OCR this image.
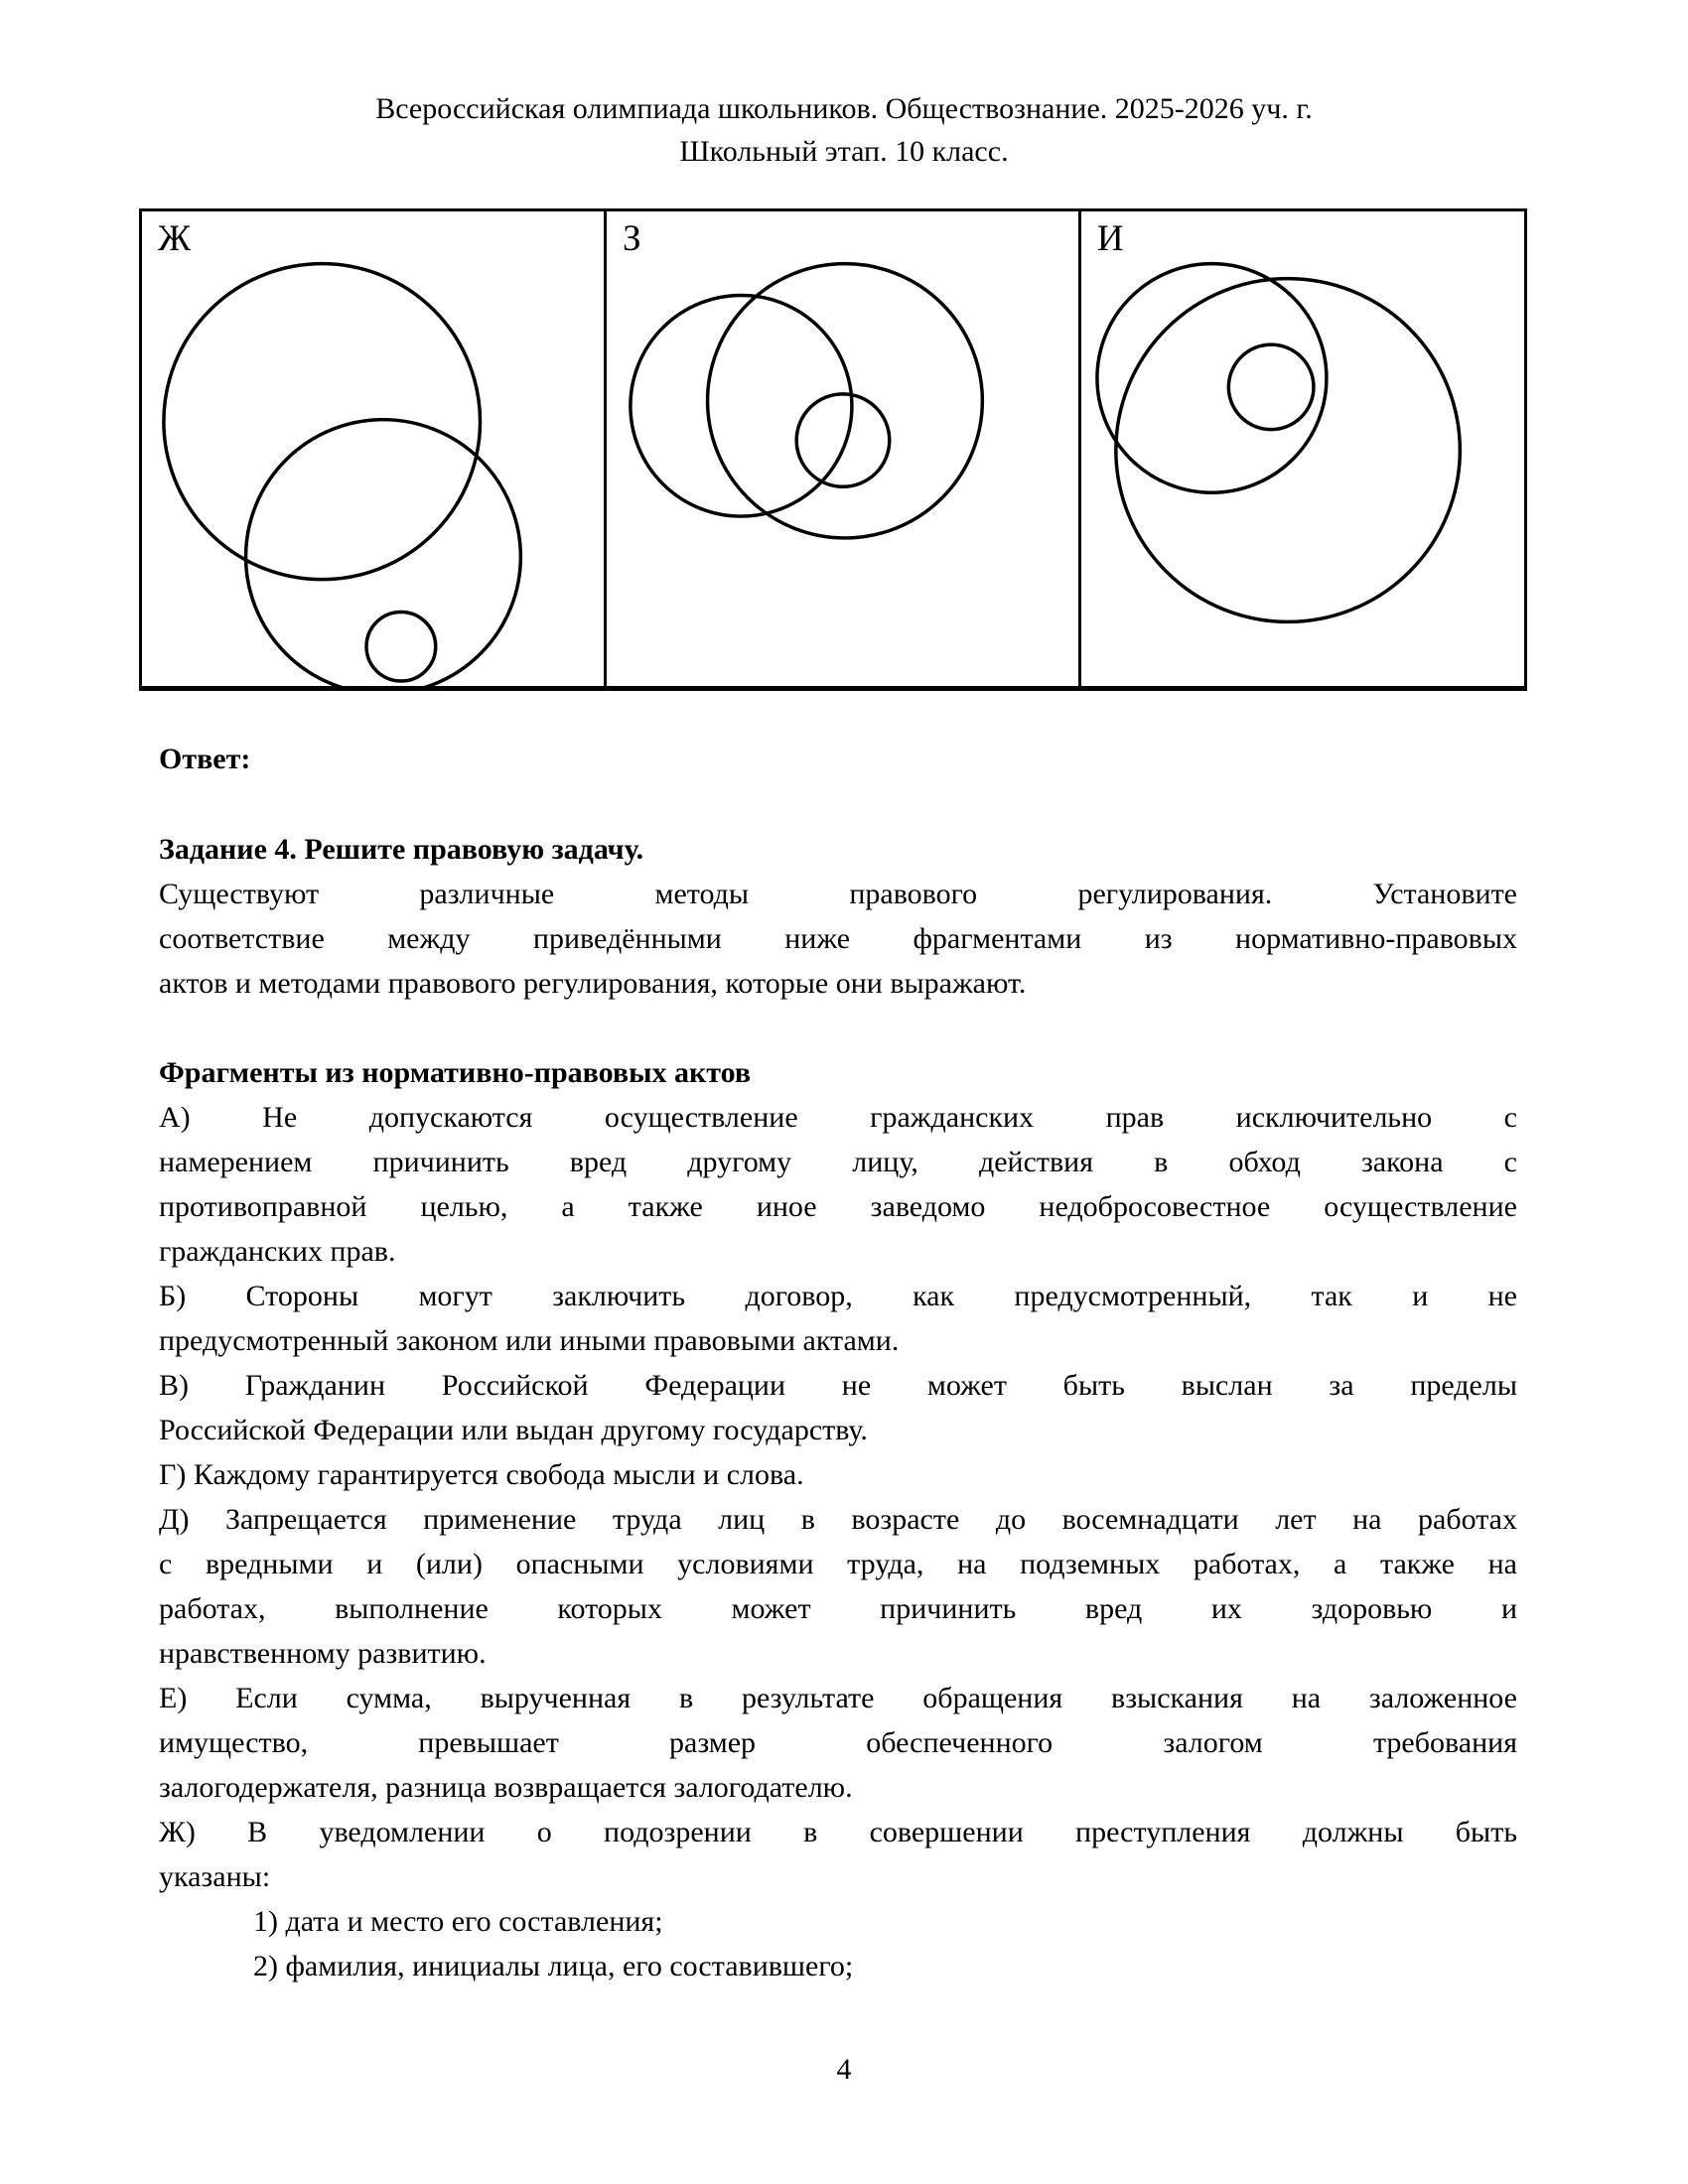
Всероссийская олимпиада школьников. Обществознание. 2025-2026 уч. г.
Школьный этап. 10 класс.
Ж	З	И
Ответ:
Задание 4. Решите правовую задачу.
Существуют различные методы правового регулирования. Установите
соответствие между приведёнными ниже фрагментами из нормативно-правовых
актов и методами правового регулирования, которые они выражают.
Фрагменты из нормативно-правовых актов
А) Не допускаются осуществление гражданских прав исключительно с
намерением причинить вред другому лицу, действия в обход закона с
противоправной целью, а также иное заведомо недобросовестное осуществление
гражданских прав.
Б) Стороны могут заключить договор, как предусмотренный, так и не
предусмотренный законом или иными правовыми актами.
В) Гражданин Российской Федерации не может быть выслан за пределы
Российской Федерации или выдан другому государству.
Г) Каждому гарантируется свобода мысли и слова.
Д) Запрещается применение труда лиц в возрасте до восемнадцати лет на работах
с вредными и (или) опасными условиями труда, на подземных работах, а также на
работах, выполнение которых может причинить вред их здоровью и
нравственному развитию.
Е) Если сумма, вырученная в результате обращения взыскания на заложенное
имущество, превышает размер обеспеченного залогом требования
залогодержателя, разница возвращается залогодателю.
Ж) В уведомлении о подозрении в совершении преступления должны быть
указаны:
1) дата и место его составления;
2) фамилия, инициалы лица, его составившего;
4
